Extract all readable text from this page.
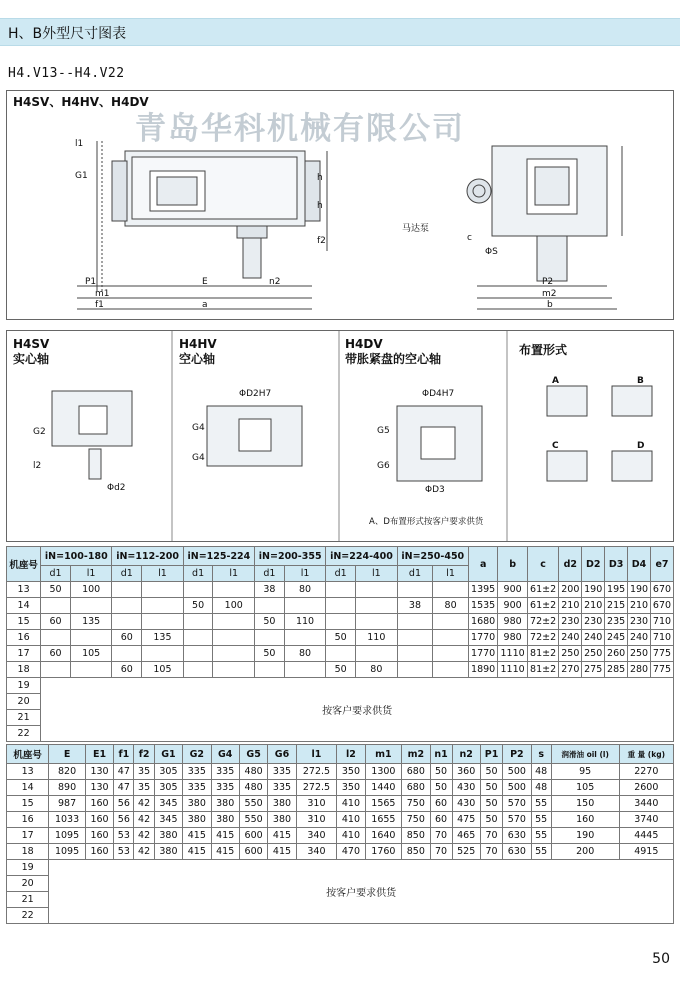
H、B外型尺寸图表
H4.V13--H4.V22
H4SV、H4HV、H4DV
青岛华科机械有限公司
l1
G1	h
h
f2
P1
m1
f1
E	n2
a
c
ΦS
P2
m2
b
马达泵
H4SV
实心轴
H4HV
空心轴
H4DV
带胀紧盘的空心轴
布置形式
G2
l2
Φd2
ΦD2H7
G4
G4
ΦD4H7
G5
G6
ΦD3
A、D布置形式按客户要求供货
A	B
C	D
机座号	iN=100-180		iN=112-200		iN=125-224		iN=200-355		iN=224-400		iN=250-450		a	b	c	d2	D2	D3	D4	e7
	d1	l1	d1	l1	d1	l1	d1	l1	d1	l1	d1	l1								
13	50	100					38	80					1395	900	61±2	200	190	195	190	670
14					50	100					38	80	1535	900	61±2	210	210	215	210	670
15	60	135					50	110					1680	980	72±2	230	230	235	230	710
16			60	135					50	110			1770	980	72±2	240	240	245	240	710
17	60	105					50	80					1770	1110	81±2	250	250	260	250	775
18			60	105					50	80			1890	1110	81±2	270	275	285	280	775
19	按客户要求供货																			
20																				
21																				
22																				
机座号	E	E1	f1	f2	G1	G2	G4	G5	G6	l1	l2	m1	m2	n1	n2	P1	P2	s	润滑油 oil (l)	重 量 (kg)
13	820	130	47	35	305	335	335	480	335	272.5	350	1300	680	50	360	50	500	48	95	2270
14	890	130	47	35	305	335	335	480	335	272.5	350	1440	680	50	430	50	500	48	105	2600
15	987	160	56	42	345	380	380	550	380	310	410	1565	750	60	430	50	570	55	150	3440
16	1033	160	56	42	345	380	380	550	380	310	410	1655	750	60	475	50	570	55	160	3740
17	1095	160	53	42	380	415	415	600	415	340	410	1640	850	70	465	70	630	55	190	4445
18	1095	160	53	42	380	415	415	600	415	340	470	1760	850	70	525	70	630	55	200	4915
19	按客户要求供货																			
20																				
21																				
22																				
50
